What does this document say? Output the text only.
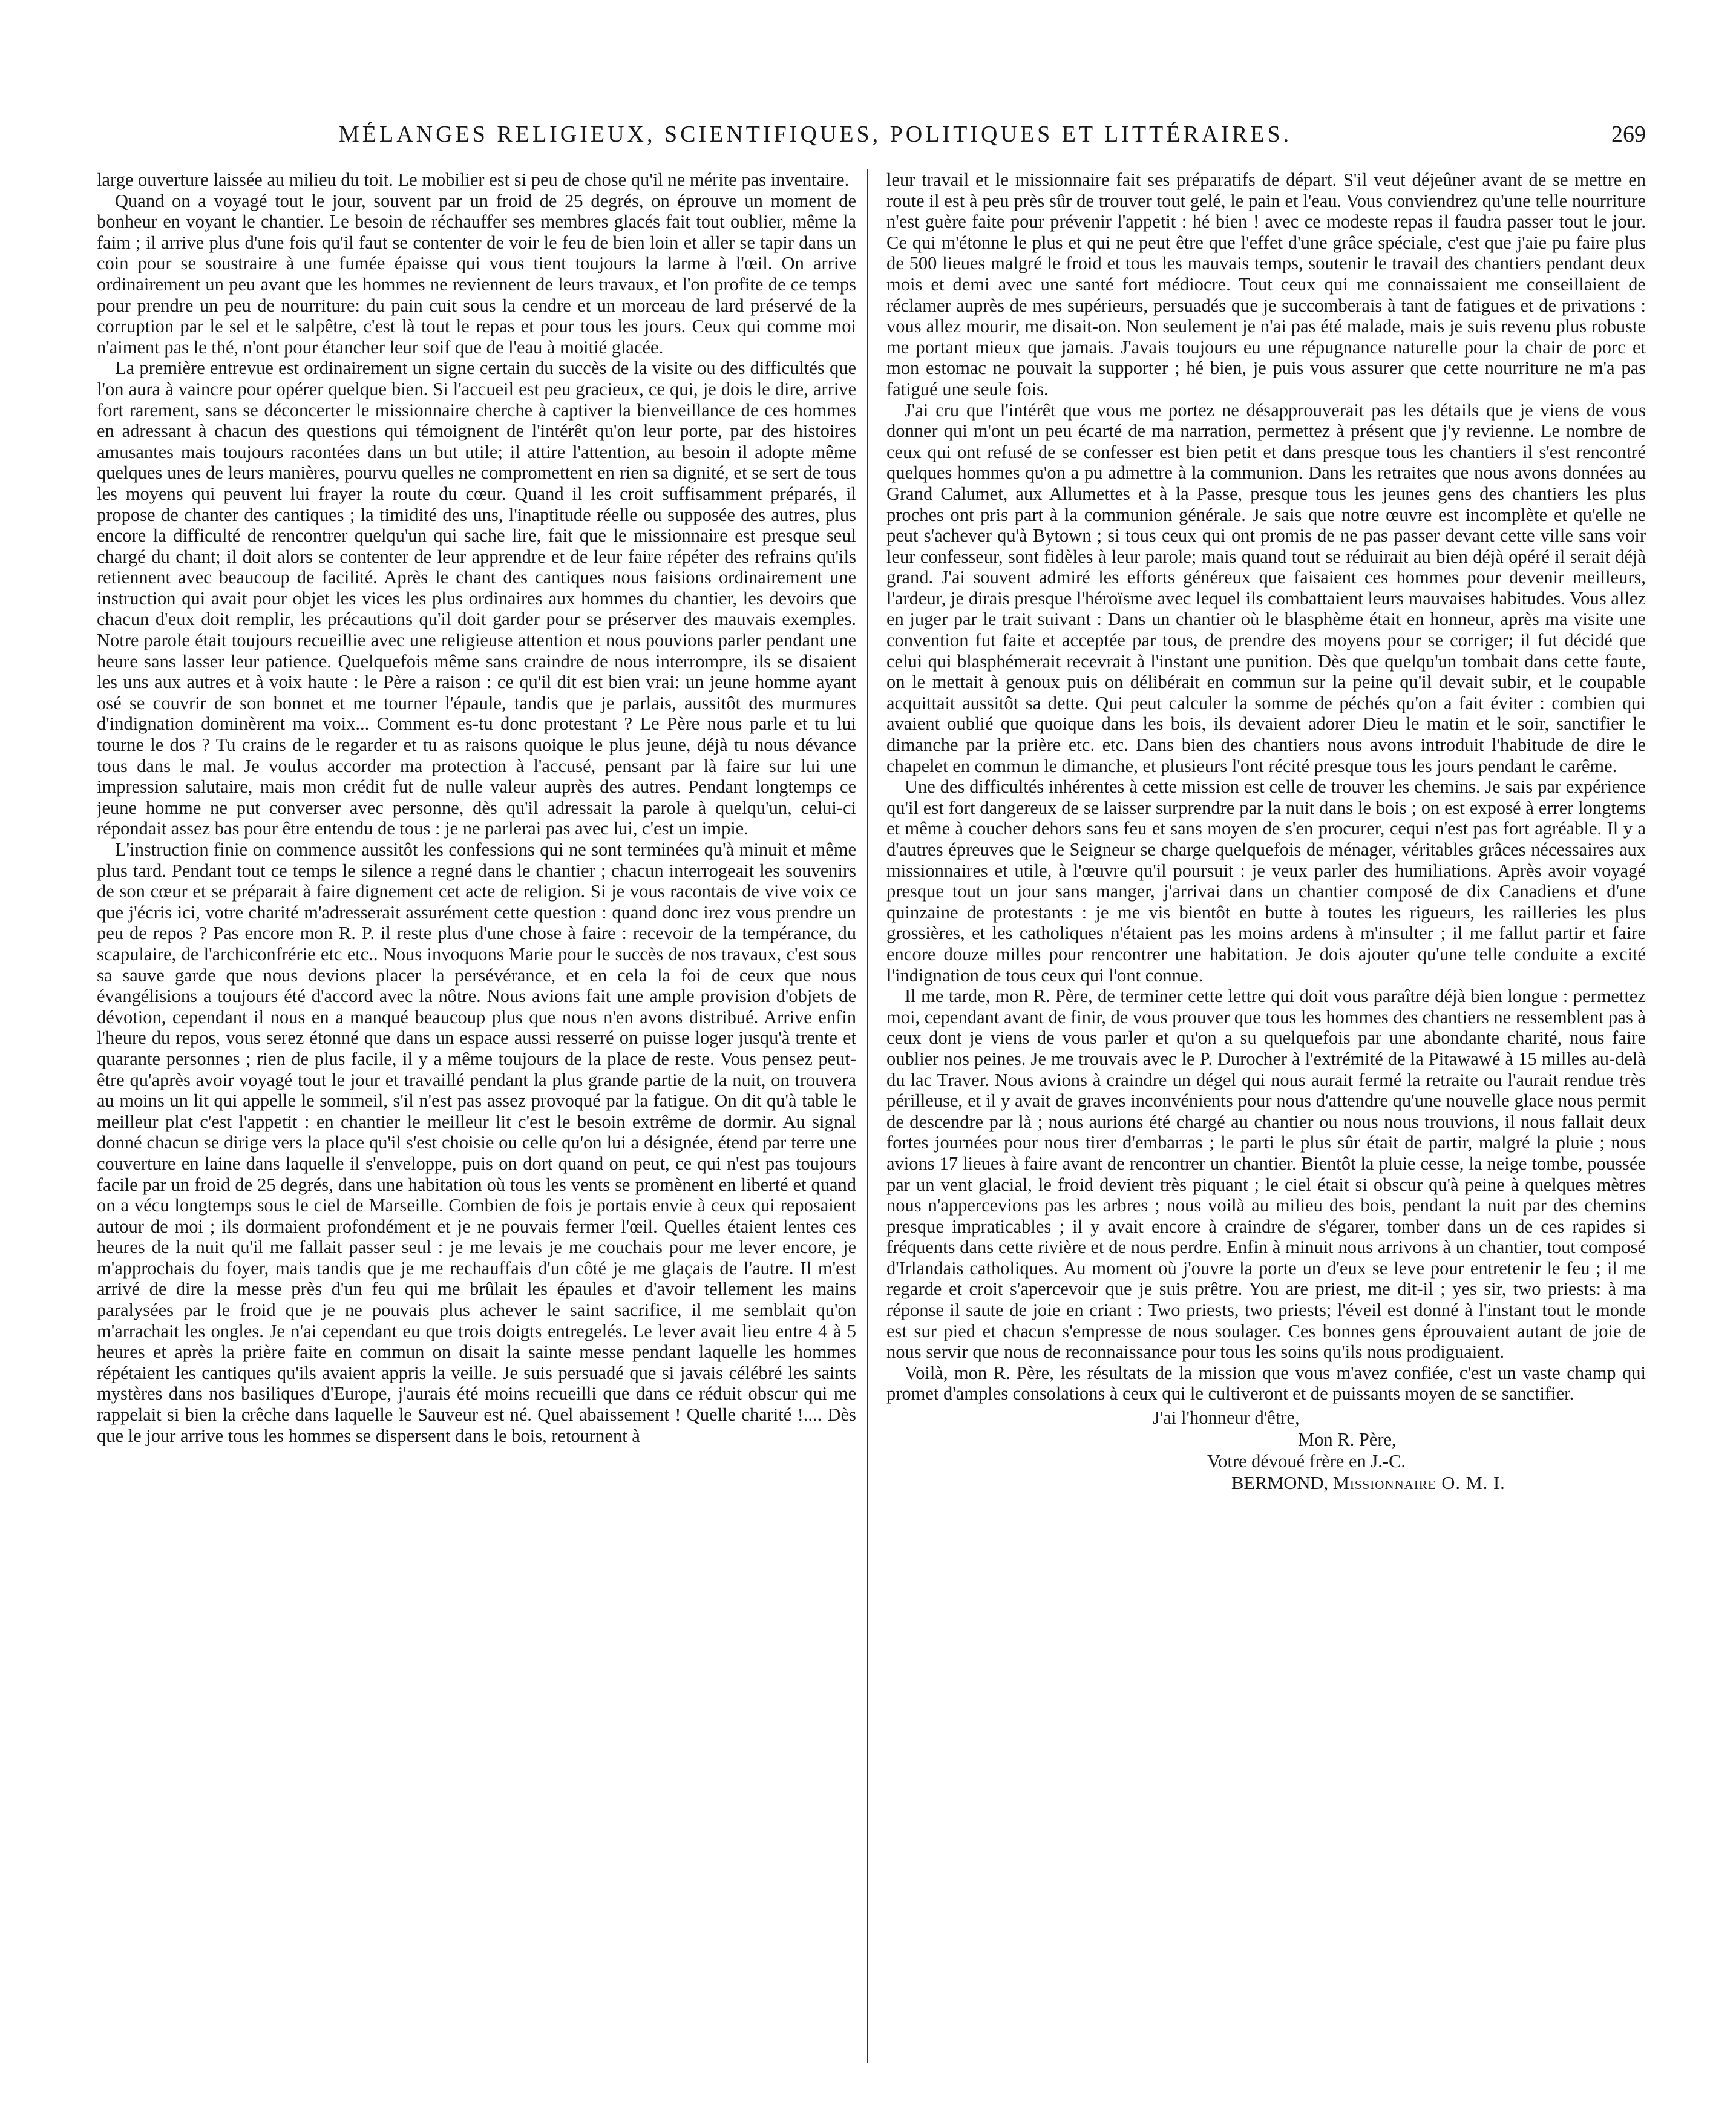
MÉLANGES RELIGIEUX, SCIENTIFIQUES, POLITIQUES ET LITTÉRAIRES.	269

large ouverture laissée au milieu du toit. Le mobilier est si peu de chose qu'il ne mérite pas inventaire.

Quand on a voyagé tout le jour, souvent par un froid de 25 degrés, on éprouve un moment de bonheur en voyant le chantier. Le besoin de réchauffer ses membres glacés fait tout oublier, même la faim ; il arrive plus d'une fois qu'il faut se contenter de voir le feu de bien loin et aller se tapir dans un coin pour se soustraire à une fumée épaisse qui vous tient toujours la larme à l'œil. On arrive ordinairement un peu avant que les hommes ne reviennent de leurs travaux, et l'on profite de ce temps pour prendre un peu de nourriture: du pain cuit sous la cendre et un morceau de lard préservé de la corruption par le sel et le salpêtre, c'est là tout le repas et pour tous les jours. Ceux qui comme moi n'aiment pas le thé, n'ont pour étancher leur soif que de l'eau à moitié glacée.

La première entrevue est ordinairement un signe certain du succès de la visite ou des difficultés que l'on aura à vaincre pour opérer quelque bien. Si l'accueil est peu gracieux, ce qui, je dois le dire, arrive fort rarement, sans se déconcerter le missionnaire cherche à captiver la bienveillance de ces hommes en adressant à chacun des questions qui témoignent de l'intérêt qu'on leur porte, par des histoires amusantes mais toujours racontées dans un but utile; il attire l'attention, au besoin il adopte même quelques unes de leurs manières, pourvu quelles ne compromettent en rien sa dignité, et se sert de tous les moyens qui peuvent lui frayer la route du cœur. Quand il les croit suffisamment préparés, il propose de chanter des cantiques ; la timidité des uns, l'inaptitude réelle ou supposée des autres, plus encore la difficulté de rencontrer quelqu'un qui sache lire, fait que le missionnaire est presque seul chargé du chant; il doit alors se contenter de leur apprendre et de leur faire répéter des refrains qu'ils retiennent avec beaucoup de facilité. Après le chant des cantiques nous faisions ordinairement une instruction qui avait pour objet les vices les plus ordinaires aux hommes du chantier, les devoirs que chacun d'eux doit remplir, les précautions qu'il doit garder pour se préserver des mauvais exemples. Notre parole était toujours recueillie avec une religieuse attention et nous pouvions parler pendant une heure sans lasser leur patience. Quelquefois même sans craindre de nous interrompre, ils se disaient les uns aux autres et à voix haute : le Père a raison : ce qu'il dit est bien vrai: un jeune homme ayant osé se couvrir de son bonnet et me tourner l'épaule, tandis que je parlais, aussitôt des murmures d'indignation dominèrent ma voix... Comment es-tu donc protestant ? Le Père nous parle et tu lui tourne le dos ? Tu crains de le regarder et tu as raisons quoique le plus jeune, déjà tu nous dévance tous dans le mal. Je voulus accorder ma protection à l'accusé, pensant par là faire sur lui une impression salutaire, mais mon crédit fut de nulle valeur auprès des autres. Pendant longtemps ce jeune homme ne put converser avec personne, dès qu'il adressait la parole à quelqu'un, celui-ci répondait assez bas pour être entendu de tous : je ne parlerai pas avec lui, c'est un impie.

L'instruction finie on commence aussitôt les confessions qui ne sont terminées qu'à minuit et même plus tard. Pendant tout ce temps le silence a regné dans le chantier ; chacun interrogeait les souvenirs de son cœur et se préparait à faire dignement cet acte de religion. Si je vous racontais de vive voix ce que j'écris ici, votre charité m'adresserait assurément cette question : quand donc irez vous prendre un peu de repos ? Pas encore mon R. P. il reste plus d'une chose à faire : recevoir de la tempérance, du scapulaire, de l'archiconfrérie etc etc.. Nous invoquons Marie pour le succès de nos travaux, c'est sous sa sauve garde que nous devions placer la persévérance, et en cela la foi de ceux que nous évangélisions a toujours été d'accord avec la nôtre. Nous avions fait une ample provision d'objets de dévotion, cependant il nous en a manqué beaucoup plus que nous n'en avons distribué. Arrive enfin l'heure du repos, vous serez étonné que dans un espace aussi resserré on puisse loger jusqu'à trente et quarante personnes ; rien de plus facile, il y a même toujours de la place de reste. Vous pensez peut-être qu'après avoir voyagé tout le jour et travaillé pendant la plus grande partie de la nuit, on trouvera au moins un lit qui appelle le sommeil, s'il n'est pas assez provoqué par la fatigue. On dit qu'à table le meilleur plat c'est l'appetit : en chantier le meilleur lit c'est le besoin extrême de dormir. Au signal donné chacun se dirige vers la place qu'il s'est choisie ou celle qu'on lui a désignée, étend par terre une couverture en laine dans laquelle il s'enveloppe, puis on dort quand on peut, ce qui n'est pas toujours facile par un froid de 25 degrés, dans une habitation où tous les vents se promènent en liberté et quand on a vécu longtemps sous le ciel de Marseille. Combien de fois je portais envie à ceux qui reposaient autour de moi ; ils dormaient profondément et je ne pouvais fermer l'œil. Quelles étaient lentes ces heures de la nuit qu'il me fallait passer seul : je me levais je me couchais pour me lever encore, je m'approchais du foyer, mais tandis que je me rechauffais d'un côté je me glaçais de l'autre. Il m'est arrivé de dire la messe près d'un feu qui me brûlait les épaules et d'avoir tellement les mains paralysées par le froid que je ne pouvais plus achever le saint sacrifice, il me semblait qu'on m'arrachait les ongles. Je n'ai cependant eu que trois doigts entregelés. Le lever avait lieu entre 4 à 5 heures et après la prière faite en commun on disait la sainte messe pendant laquelle les hommes répétaient les cantiques qu'ils avaient appris la veille. Je suis persuadé que si javais célébré les saints mystères dans nos basiliques d'Europe, j'aurais été moins recueilli que dans ce réduit obscur qui me rappelait si bien la crêche dans laquelle le Sauveur est né. Quel abaissement ! Quelle charité !.... Dès que le jour arrive tous les hommes se dispersent dans le bois, retournent à

leur travail et le missionnaire fait ses préparatifs de départ. S'il veut déjeûner avant de se mettre en route il est à peu près sûr de trouver tout gelé, le pain et l'eau. Vous conviendrez qu'une telle nourriture n'est guère faite pour prévenir l'appetit : hé bien ! avec ce modeste repas il faudra passer tout le jour. Ce qui m'étonne le plus et qui ne peut être que l'effet d'une grâce spéciale, c'est que j'aie pu faire plus de 500 lieues malgré le froid et tous les mauvais temps, soutenir le travail des chantiers pendant deux mois et demi avec une santé fort médiocre. Tout ceux qui me connaissaient me conseillaient de réclamer auprès de mes supérieurs, persuadés que je succomberais à tant de fatigues et de privations : vous allez mourir, me disait-on. Non seulement je n'ai pas été malade, mais je suis revenu plus robuste me portant mieux que jamais. J'avais toujours eu une répugnance naturelle pour la chair de porc et mon estomac ne pouvait la supporter ; hé bien, je puis vous assurer que cette nourriture ne m'a pas fatigué une seule fois.

J'ai cru que l'intérêt que vous me portez ne désapprouverait pas les détails que je viens de vous donner qui m'ont un peu écarté de ma narration, permettez à présent que j'y revienne. Le nombre de ceux qui ont refusé de se confesser est bien petit et dans presque tous les chantiers il s'est rencontré quelques hommes qu'on a pu admettre à la communion. Dans les retraites que nous avons données au Grand Calumet, aux Allumettes et à la Passe, presque tous les jeunes gens des chantiers les plus proches ont pris part à la communion générale. Je sais que notre œuvre est incomplète et qu'elle ne peut s'achever qu'à Bytown ; si tous ceux qui ont promis de ne pas passer devant cette ville sans voir leur confesseur, sont fidèles à leur parole; mais quand tout se réduirait au bien déjà opéré il serait déjà grand. J'ai souvent admiré les efforts généreux que faisaient ces hommes pour devenir meilleurs, l'ardeur, je dirais presque l'héroïsme avec lequel ils combattaient leurs mauvaises habitudes. Vous allez en juger par le trait suivant : Dans un chantier où le blasphème était en honneur, après ma visite une convention fut faite et acceptée par tous, de prendre des moyens pour se corriger; il fut décidé que celui qui blasphémerait recevrait à l'instant une punition. Dès que quelqu'un tombait dans cette faute, on le mettait à genoux puis on délibérait en commun sur la peine qu'il devait subir, et le coupable acquittait aussitôt sa dette. Qui peut calculer la somme de péchés qu'on a fait éviter : combien qui avaient oublié que quoique dans les bois, ils devaient adorer Dieu le matin et le soir, sanctifier le dimanche par la prière etc. etc. Dans bien des chantiers nous avons introduit l'habitude de dire le chapelet en commun le dimanche, et plusieurs l'ont récité presque tous les jours pendant le carême.

Une des difficultés inhérentes à cette mission est celle de trouver les chemins. Je sais par expérience qu'il est fort dangereux de se laisser surprendre par la nuit dans le bois ; on est exposé à errer longtems et même à coucher dehors sans feu et sans moyen de s'en procurer, cequi n'est pas fort agréable. Il y a d'autres épreuves que le Seigneur se charge quelquefois de ménager, véritables grâces nécessaires aux missionnaires et utile, à l'œuvre qu'il poursuit : je veux parler des humiliations. Après avoir voyagé presque tout un jour sans manger, j'arrivai dans un chantier composé de dix Canadiens et d'une quinzaine de protestants : je me vis bientôt en butte à toutes les rigueurs, les railleries les plus grossières, et les catholiques n'étaient pas les moins ardens à m'insulter ; il me fallut partir et faire encore douze milles pour rencontrer une habitation. Je dois ajouter qu'une telle conduite a excité l'indignation de tous ceux qui l'ont connue.

Il me tarde, mon R. Père, de terminer cette lettre qui doit vous paraître déjà bien longue : permettez moi, cependant avant de finir, de vous prouver que tous les hommes des chantiers ne ressemblent pas à ceux dont je viens de vous parler et qu'on a su quelquefois par une abondante charité, nous faire oublier nos peines. Je me trouvais avec le P. Durocher à l'extrémité de la Pitawawé à 15 milles au-delà du lac Traver. Nous avions à craindre un dégel qui nous aurait fermé la retraite ou l'aurait rendue très périlleuse, et il y avait de graves inconvénients pour nous d'attendre qu'une nouvelle glace nous permit de descendre par là ; nous aurions été chargé au chantier ou nous nous trouvions, il nous fallait deux fortes journées pour nous tirer d'embarras ; le parti le plus sûr était de partir, malgré la pluie ; nous avions 17 lieues à faire avant de rencontrer un chantier. Bientôt la pluie cesse, la neige tombe, poussée par un vent glacial, le froid devient très piquant ; le ciel était si obscur qu'à peine à quelques mètres nous n'appercevions pas les arbres ; nous voilà au milieu des bois, pendant la nuit par des chemins presque impraticables ; il y avait encore à craindre de s'égarer, tomber dans un de ces rapides si fréquents dans cette rivière et de nous perdre. Enfin à minuit nous arrivons à un chantier, tout composé d'Irlandais catholiques. Au moment où j'ouvre la porte un d'eux se leve pour entretenir le feu ; il me regarde et croit s'apercevoir que je suis prêtre. You are priest, me dit-il ; yes sir, two priests: à ma réponse il saute de joie en criant : Two priests, two priests; l'éveil est donné à l'instant tout le monde est sur pied et chacun s'empresse de nous soulager. Ces bonnes gens éprouvaient autant de joie de nous servir que nous de reconnaissance pour tous les soins qu'ils nous prodiguaient.

Voilà, mon R. Père, les résultats de la mission que vous m'avez confiée, c'est un vaste champ qui promet d'amples consolations à ceux qui le cultiveront et de puissants moyen de se sanctifier.

J'ai l'honneur d'être,
Mon R. Père,
Votre dévoué frère en J.-C.
BERMOND, Missionnaire O. M. I.
